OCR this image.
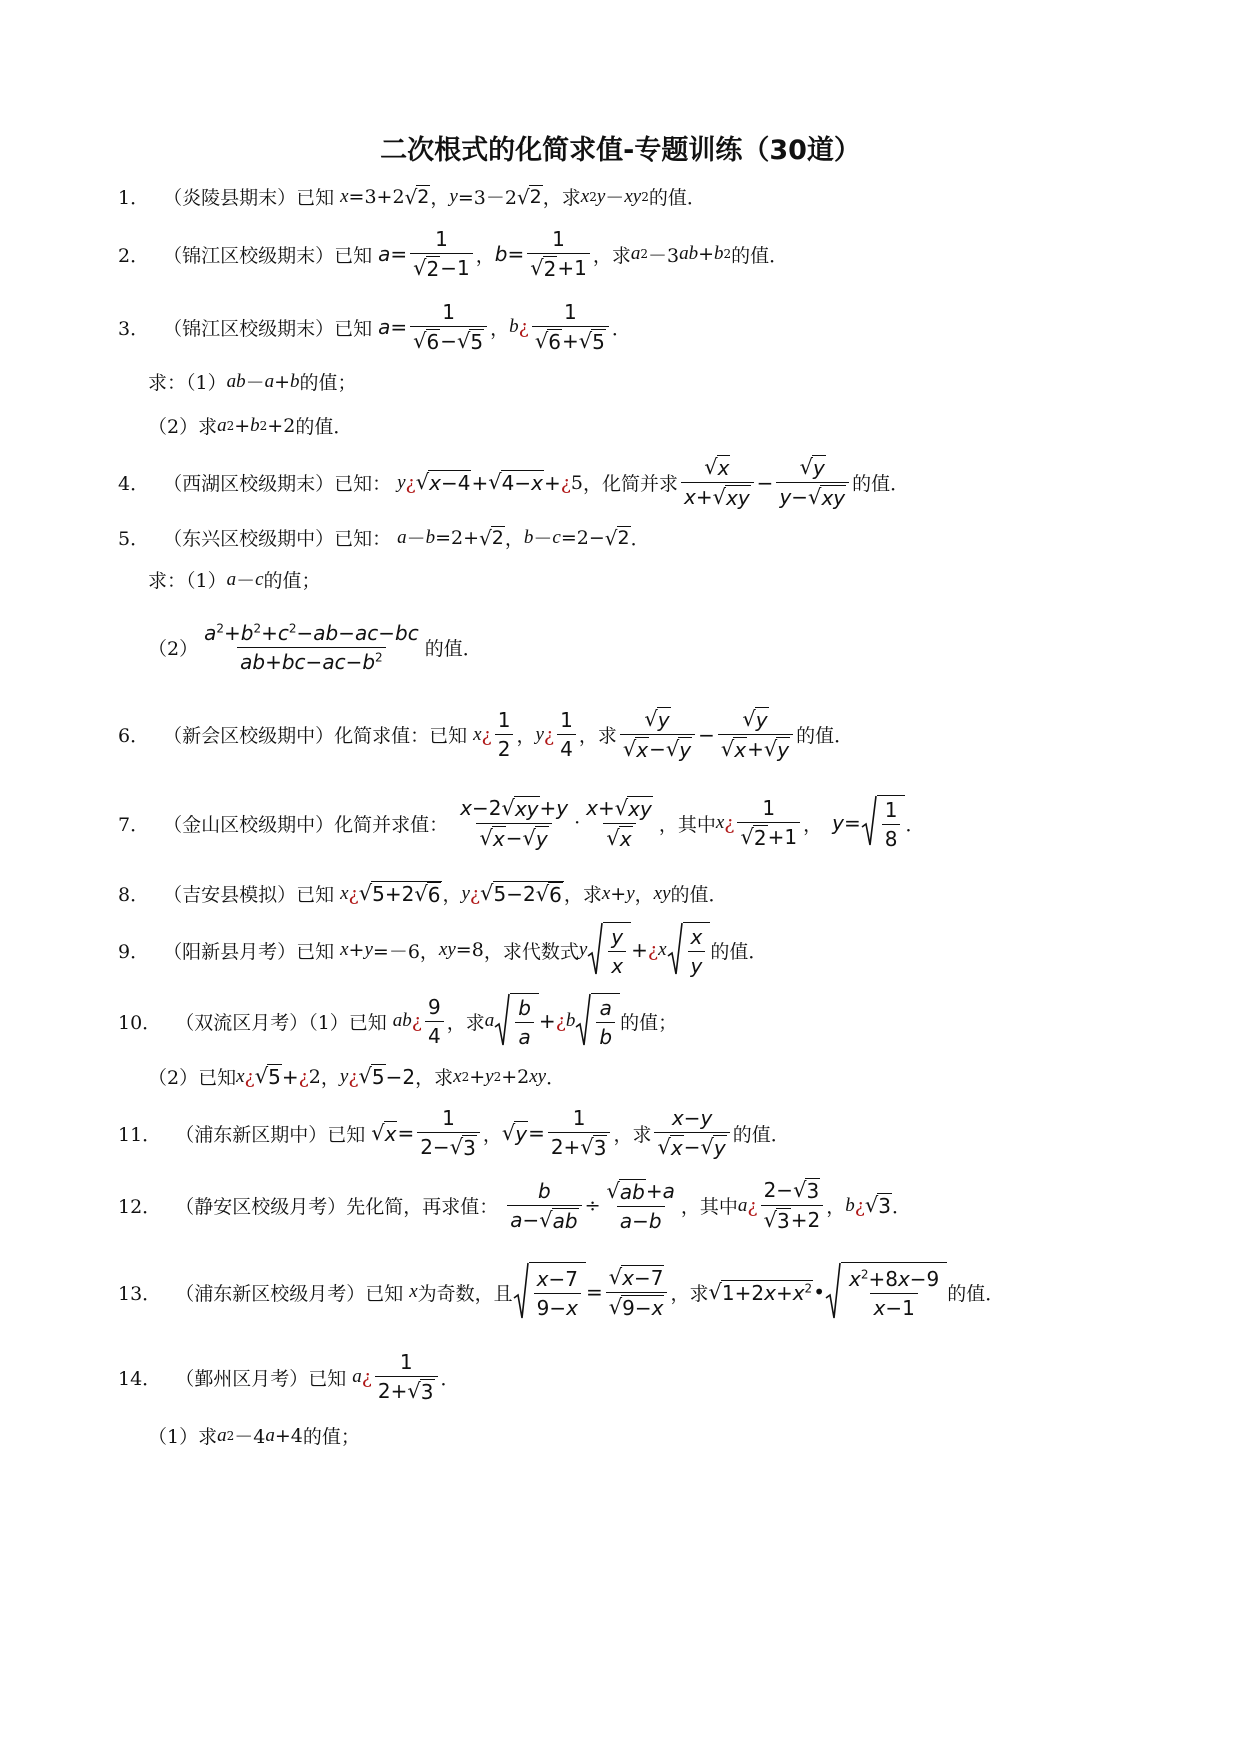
二次根式的化简求值-专题训练（30道）
1． （炎陵县期末）已知 x =3+2 √ 2 ， y =3－2 √ 2 ，求 x 2 y － xy 2 的值．
2． （锦江区校级期末）已知 $a = \frac{1}{√ 2 -1}$ ， $b = \frac{1}{√ 2 +1}$ ，求 a 2 －3 ab + b 2 的值．
3． （锦江区校级期末）已知 $a = \frac{1}{√ 6 - √ 5}$ ， b ¿ $\frac{1}{√ 6 + √ 5}$ ．
求：（1） ab － a + b 的值；
（2）求 a 2 + b 2 +2 的值．
4． （西湖区校级期末）已知： y ¿ √ x−4 + √ 4−x + ¿ 5 ，化简并求 $\frac{√ x}{x+ √ xy} - \frac{√ y}{y- √ xy}$ 的值．
5． （东兴区校级期中）已知： a － b =2+ √ 2 ， b － c =2− √ 2 ．
求：（1） a － c 的值；
$(2) \frac{a^2+b^2+c^2-ab-ac-bc}{ab+bc-ac-b^2}$ 的值．
6． （新会区校级期中）化简求值：已知 x ¿ $\frac{1}{2}$ ， y ¿ $\frac{1}{4}$ ，求 $\frac{√ y}{√ x - √ y} - \frac{√ y}{√ x + √ y}$ 的值．
7． （金山区校级期中）化简并求值： $\frac{x-2 √ xy +y}{√ x - √ y} \cdot \frac{x+ √ xy}{√ x}$ ，其中 x ¿ $\frac{1}{√ 2 +1}$ ， $y = \frac{1}{8}$ ．
8． （吉安县模拟）已知 x ¿ √ 5+2 √ 6 ， y ¿ √ 5−2 √ 6 ，求 x + y ， xy 的值．
9． （阳新县月考）已知 x + y =－6， xy =8 ，求代数式 y $\frac{y}{x}$ + ¿ x $\frac{x}{y}$ 的值．
10． （双流区月考）（1）已知 ab ¿ $\frac{9}{4}$ ，求 a $\frac{b}{a}$ + ¿ b $\frac{a}{b}$ 的值；
（2）已知 x ¿ √ 5 + ¿ 2 ， y ¿ √ 5 −2 ，求 x 2 + y 2 +2 xy ．
11． （浦东新区期中）已知 √ $x = \frac{1}{2- √ 3}$ ， √ $y = \frac{1}{2+ √ 3}$ ，求 $\frac{x-y}{√ x - √ y}$ 的值．
12． （静安区校级月考）先化简，再求值： $\frac{b}{a- √ ab} \div \frac{√ ab +a}{a-b}$ ，其中 a ¿ $\frac{2- √ 3}{√ 3 +2}$ ， b ¿ √ 3 ．
13． （浦东新区校级月考）已知 x 为奇数，且 $\frac{x-7}{9-x} = \frac{√ x-7}{√ 9-x}$ ，求 √ $1+2x+x^2$ • $\frac{x^2+8x-9}{x-1}$ 的值．
14． （鄞州区月考）已知 a ¿ $\frac{1}{2+ √ 3}$ ．
（1）求 a 2 －4 a +4 的值；
